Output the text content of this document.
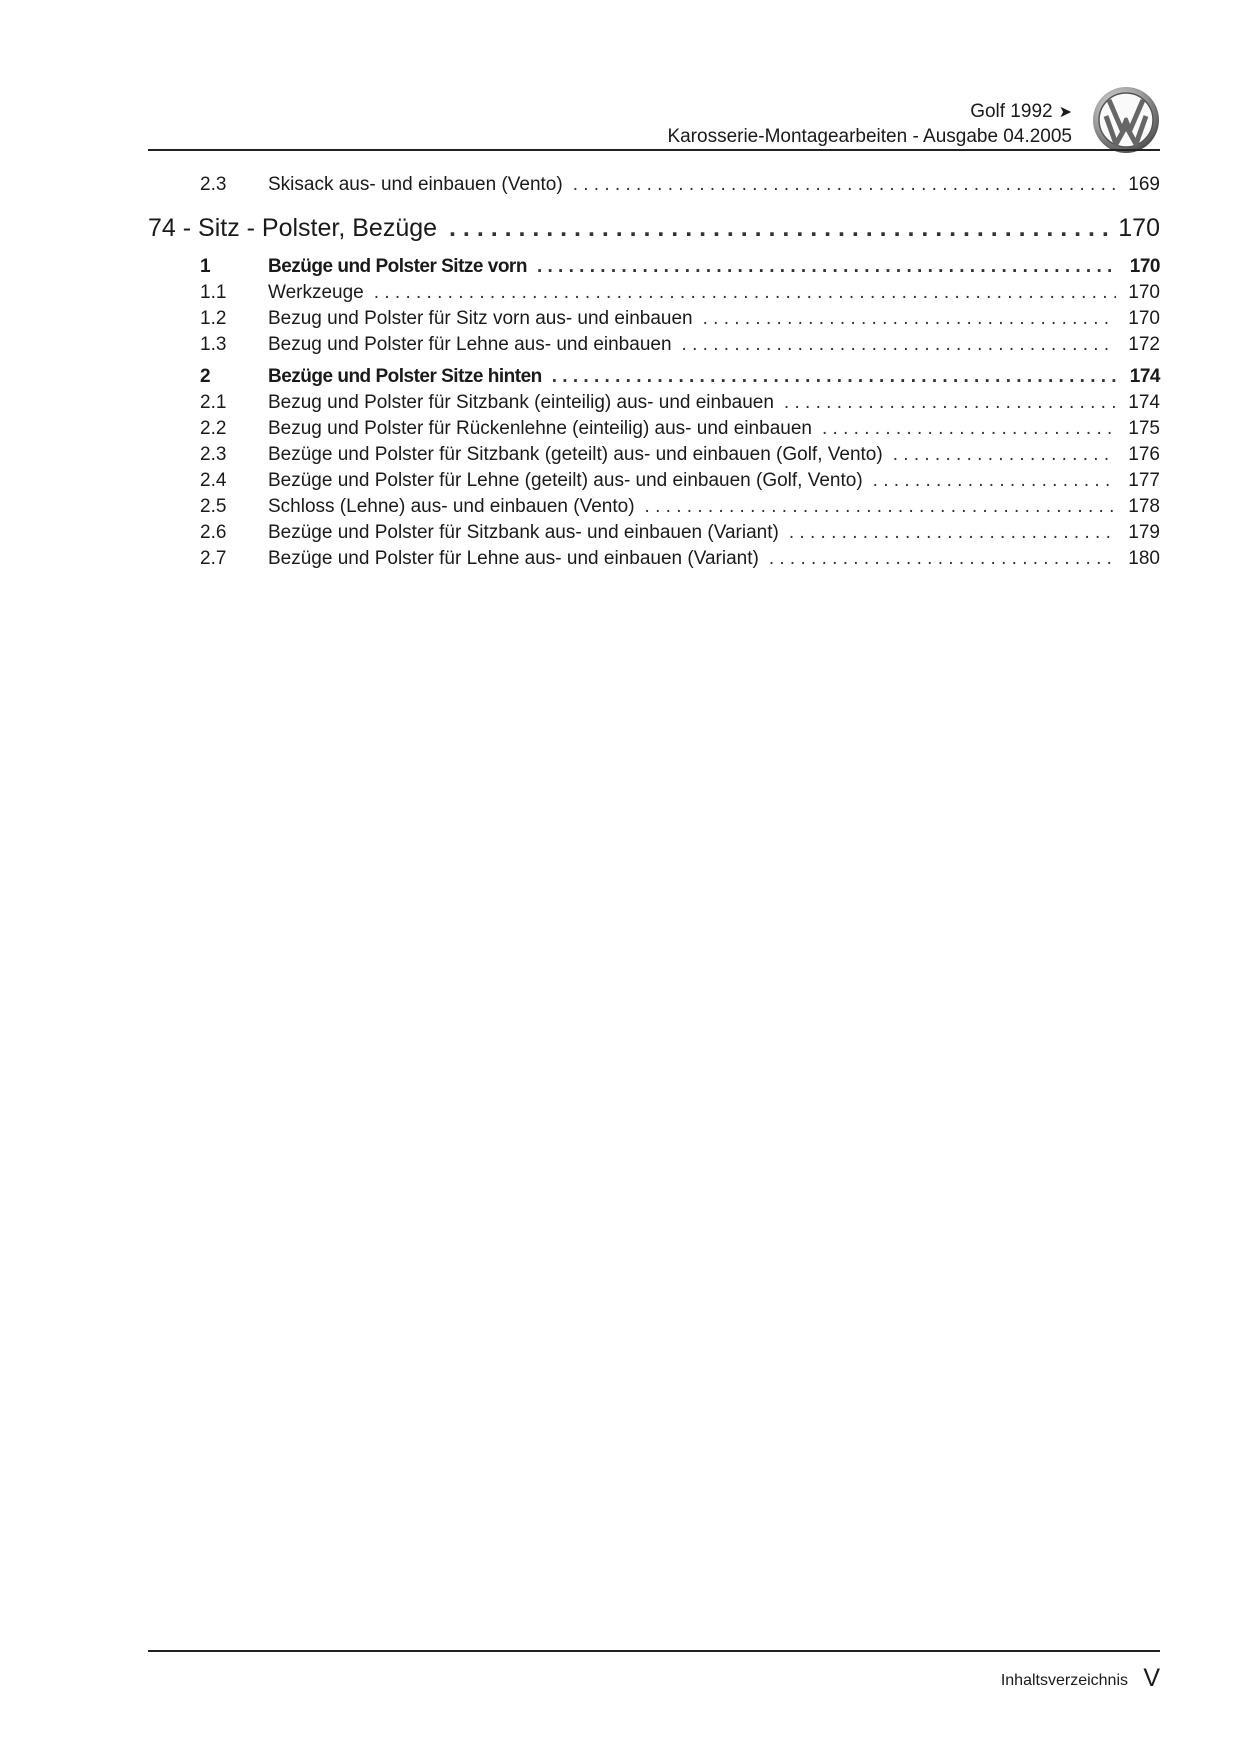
Golf 1992 ➤
Karosserie-Montagearbeiten - Ausgabe 04.2005
2.3 Skisack aus- und einbauen (Vento) . . .	169
74 - Sitz - Polster, Bezüge . . .	170
1	Bezüge und Polster Sitze vorn . . .	170
1.1 Werkzeuge . . .	170
1.2 Bezug und Polster für Sitz vorn aus- und einbauen . . .	170
1.3 Bezug und Polster für Lehne aus- und einbauen . . .	172
2	Bezüge und Polster Sitze hinten . . .	174
2.1 Bezug und Polster für Sitzbank (einteilig) aus- und einbauen . . .	174
2.2 Bezug und Polster für Rückenlehne (einteilig) aus- und einbauen . . .	175
2.3 Bezüge und Polster für Sitzbank (geteilt) aus- und einbauen (Golf, Vento) . . .	176
2.4 Bezüge und Polster für Lehne (geteilt) aus- und einbauen (Golf, Vento) . . .	177
2.5 Schloss (Lehne) aus- und einbauen (Vento) . . .	178
2.6 Bezüge und Polster für Sitzbank aus- und einbauen (Variant) . . .	179
2.7 Bezüge und Polster für Lehne aus- und einbauen (Variant) . . .	180
Inhaltsverzeichnis V
